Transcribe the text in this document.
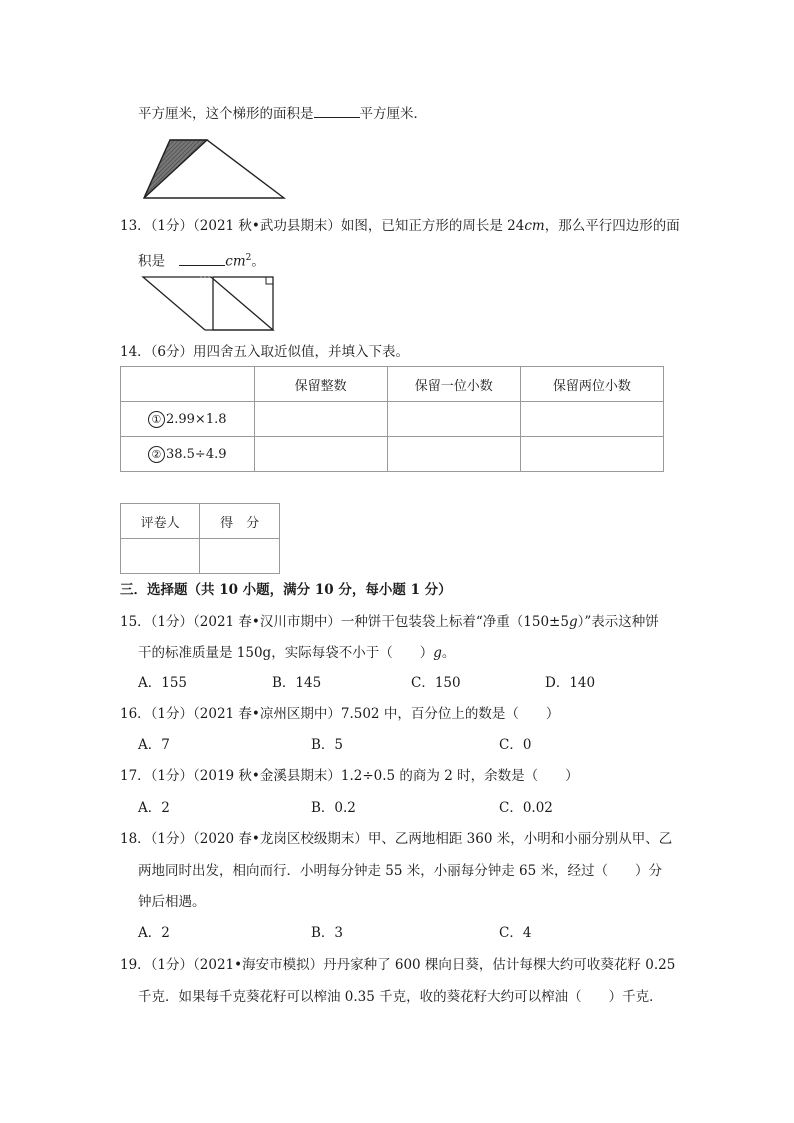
平方厘米，这个梯形的面积是	平方厘米．
13．（1分）（2021 秋•武功县期末）如图，已知正方形的周长是 24cm，那么平行四边形的面
积是	$cm^2$。
14．（6分）用四舍五入取近似值，并填入下表。
	保留整数	保留一位小数	保留两位小数
① 2.99×1.8			
② 38.5÷4.9			
评卷人	得　分

三．选择题（共 10 小题，满分 10 分，每小题 1 分）
15．（1分）（2021 春•汉川市期中）一种饼干包装袋上标着“净重（150±5g）”表示这种饼
干的标准质量是 150g，实际每袋不小于（　　）g。
A．155	B．145	C．150	D．140
16．（1分）（2021 春•凉州区期中）7.502 中，百分位上的数是（　　）
A．7	B．5	C．0
17．（1分）（2019 秋•金溪县期末）1.2÷0.5 的商为 2 时，余数是（　　）
A．2	B．0.2	C．0.02
18．（1分）（2020 春•龙岗区校级期末）甲、乙两地相距 360 米，小明和小丽分别从甲、乙
两地同时出发，相向而行．小明每分钟走 55 米，小丽每分钟走 65 米，经过（　　）分
钟后相遇。
A．2	B．3	C．4
19．（1分）（2021•海安市模拟）丹丹家种了 600 棵向日葵，估计每棵大约可收葵花籽 0.25
千克．如果每千克葵花籽可以榨油 0.35 千克，收的葵花籽大约可以榨油（　　）千克．
